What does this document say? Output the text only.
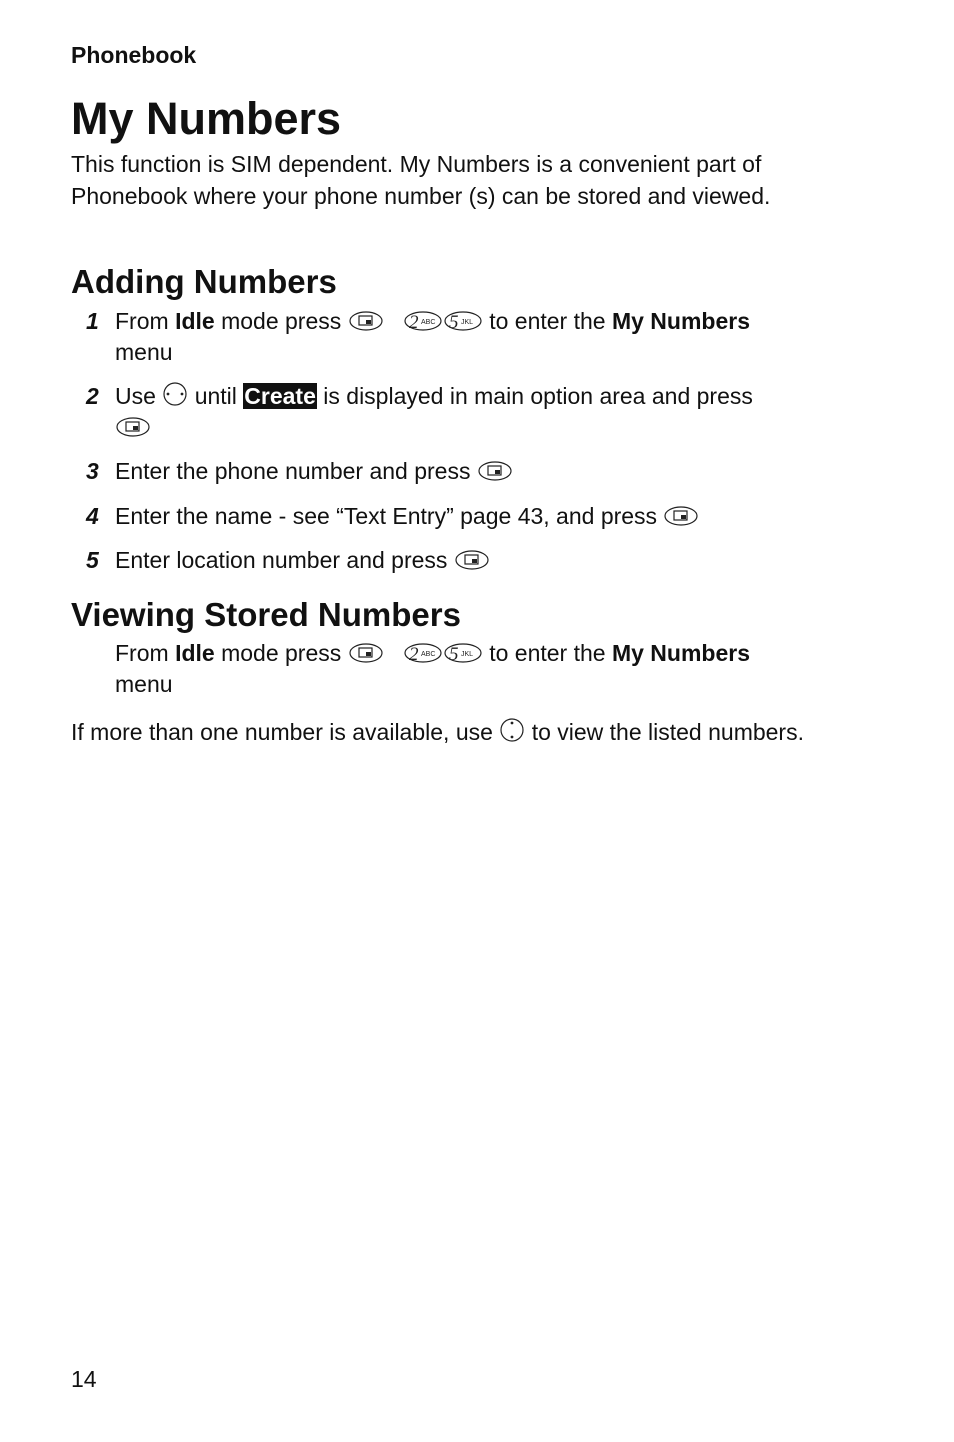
Phonebook
My Numbers

This function is SIM dependent. My Numbers is a convenient part of Phonebook where your phone number (s) can be stored and viewed.

Adding Numbers
1 From Idle mode press
	2 ABC 5 JKL to enter the My Numbers
menu
2 Use until Create is displayed in main option area and press

3 Enter the phone number and press
4 Enter the name - see “Text Entry” page 43, and press
5 Enter location number and press
Viewing Stored Numbers
From Idle mode press
	2 ABC 5 JKL to enter the My Numbers
menu

If more than one number is available, use to view the listed numbers.

14
